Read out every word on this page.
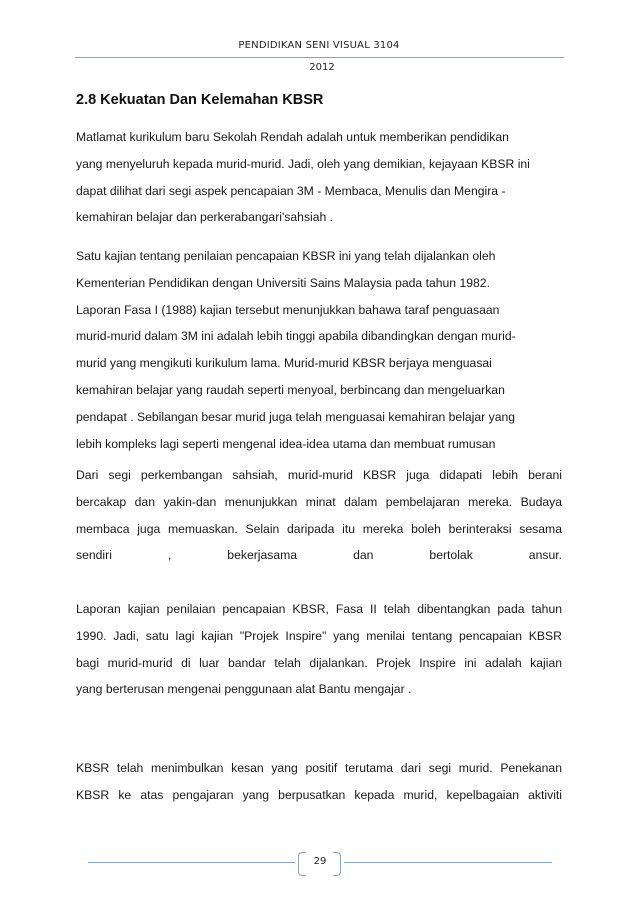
PENDIDIKAN SENI VISUAL 3104
2012
2.8 Kekuatan Dan Kelemahan KBSR
Matlamat kurikulum baru Sekolah Rendah adalah untuk memberikan pendidikan
yang menyeluruh kepada murid-murid. Jadi, oleh yang demikian, kejayaan KBSR ini
dapat dilihat dari segi aspek pencapaian 3M - Membaca, Menulis dan Mengira -
kemahiran belajar dan perkerabangari'sahsiah .
Satu kajian tentang penilaian pencapaian KBSR ini yang telah dijalankan oleh
Kementerian Pendidikan dengan Universiti Sains Malaysia pada tahun 1982.
Laporan Fasa I (1988) kajian tersebut menunjukkan bahawa taraf penguasaan
murid-murid dalam 3M ini adalah lebih tinggi apabila dibandingkan dengan murid-
murid yang mengikuti kurikulum lama. Murid-murid KBSR berjaya menguasai
kemahiran belajar yang raudah seperti menyoal, berbincang dan mengeluarkan
pendapat . Sebilangan besar murid juga telah menguasai kemahiran belajar yang
lebih kompleks lagi seperti mengenal idea-idea utama dan membuat rumusan
Dari segi perkembangan sahsiah, murid-murid KBSR juga didapati lebih berani
bercakap dan yakin-dan menunjukkan minat dalam pembelajaran mereka. Budaya
membaca juga memuaskan. Selain daripada itu mereka boleh berinteraksi sesama
sendiri , bekerjasama dan bertolak ansur.
Laporan kajian penilaian pencapaian KBSR, Fasa II telah dibentangkan pada tahun
1990. Jadi, satu lagi kajian "Projek Inspire" yang menilai tentang pencapaian KBSR
bagi murid-murid di luar bandar telah dijalankan. Projek Inspire ini adalah kajian
yang berterusan mengenai penggunaan alat Bantu mengajar .
KBSR telah menimbulkan kesan yang positif terutama dari segi murid. Penekanan
KBSR ke atas pengajaran yang berpusatkan kepada murid, kepelbagaian aktiviti
29
